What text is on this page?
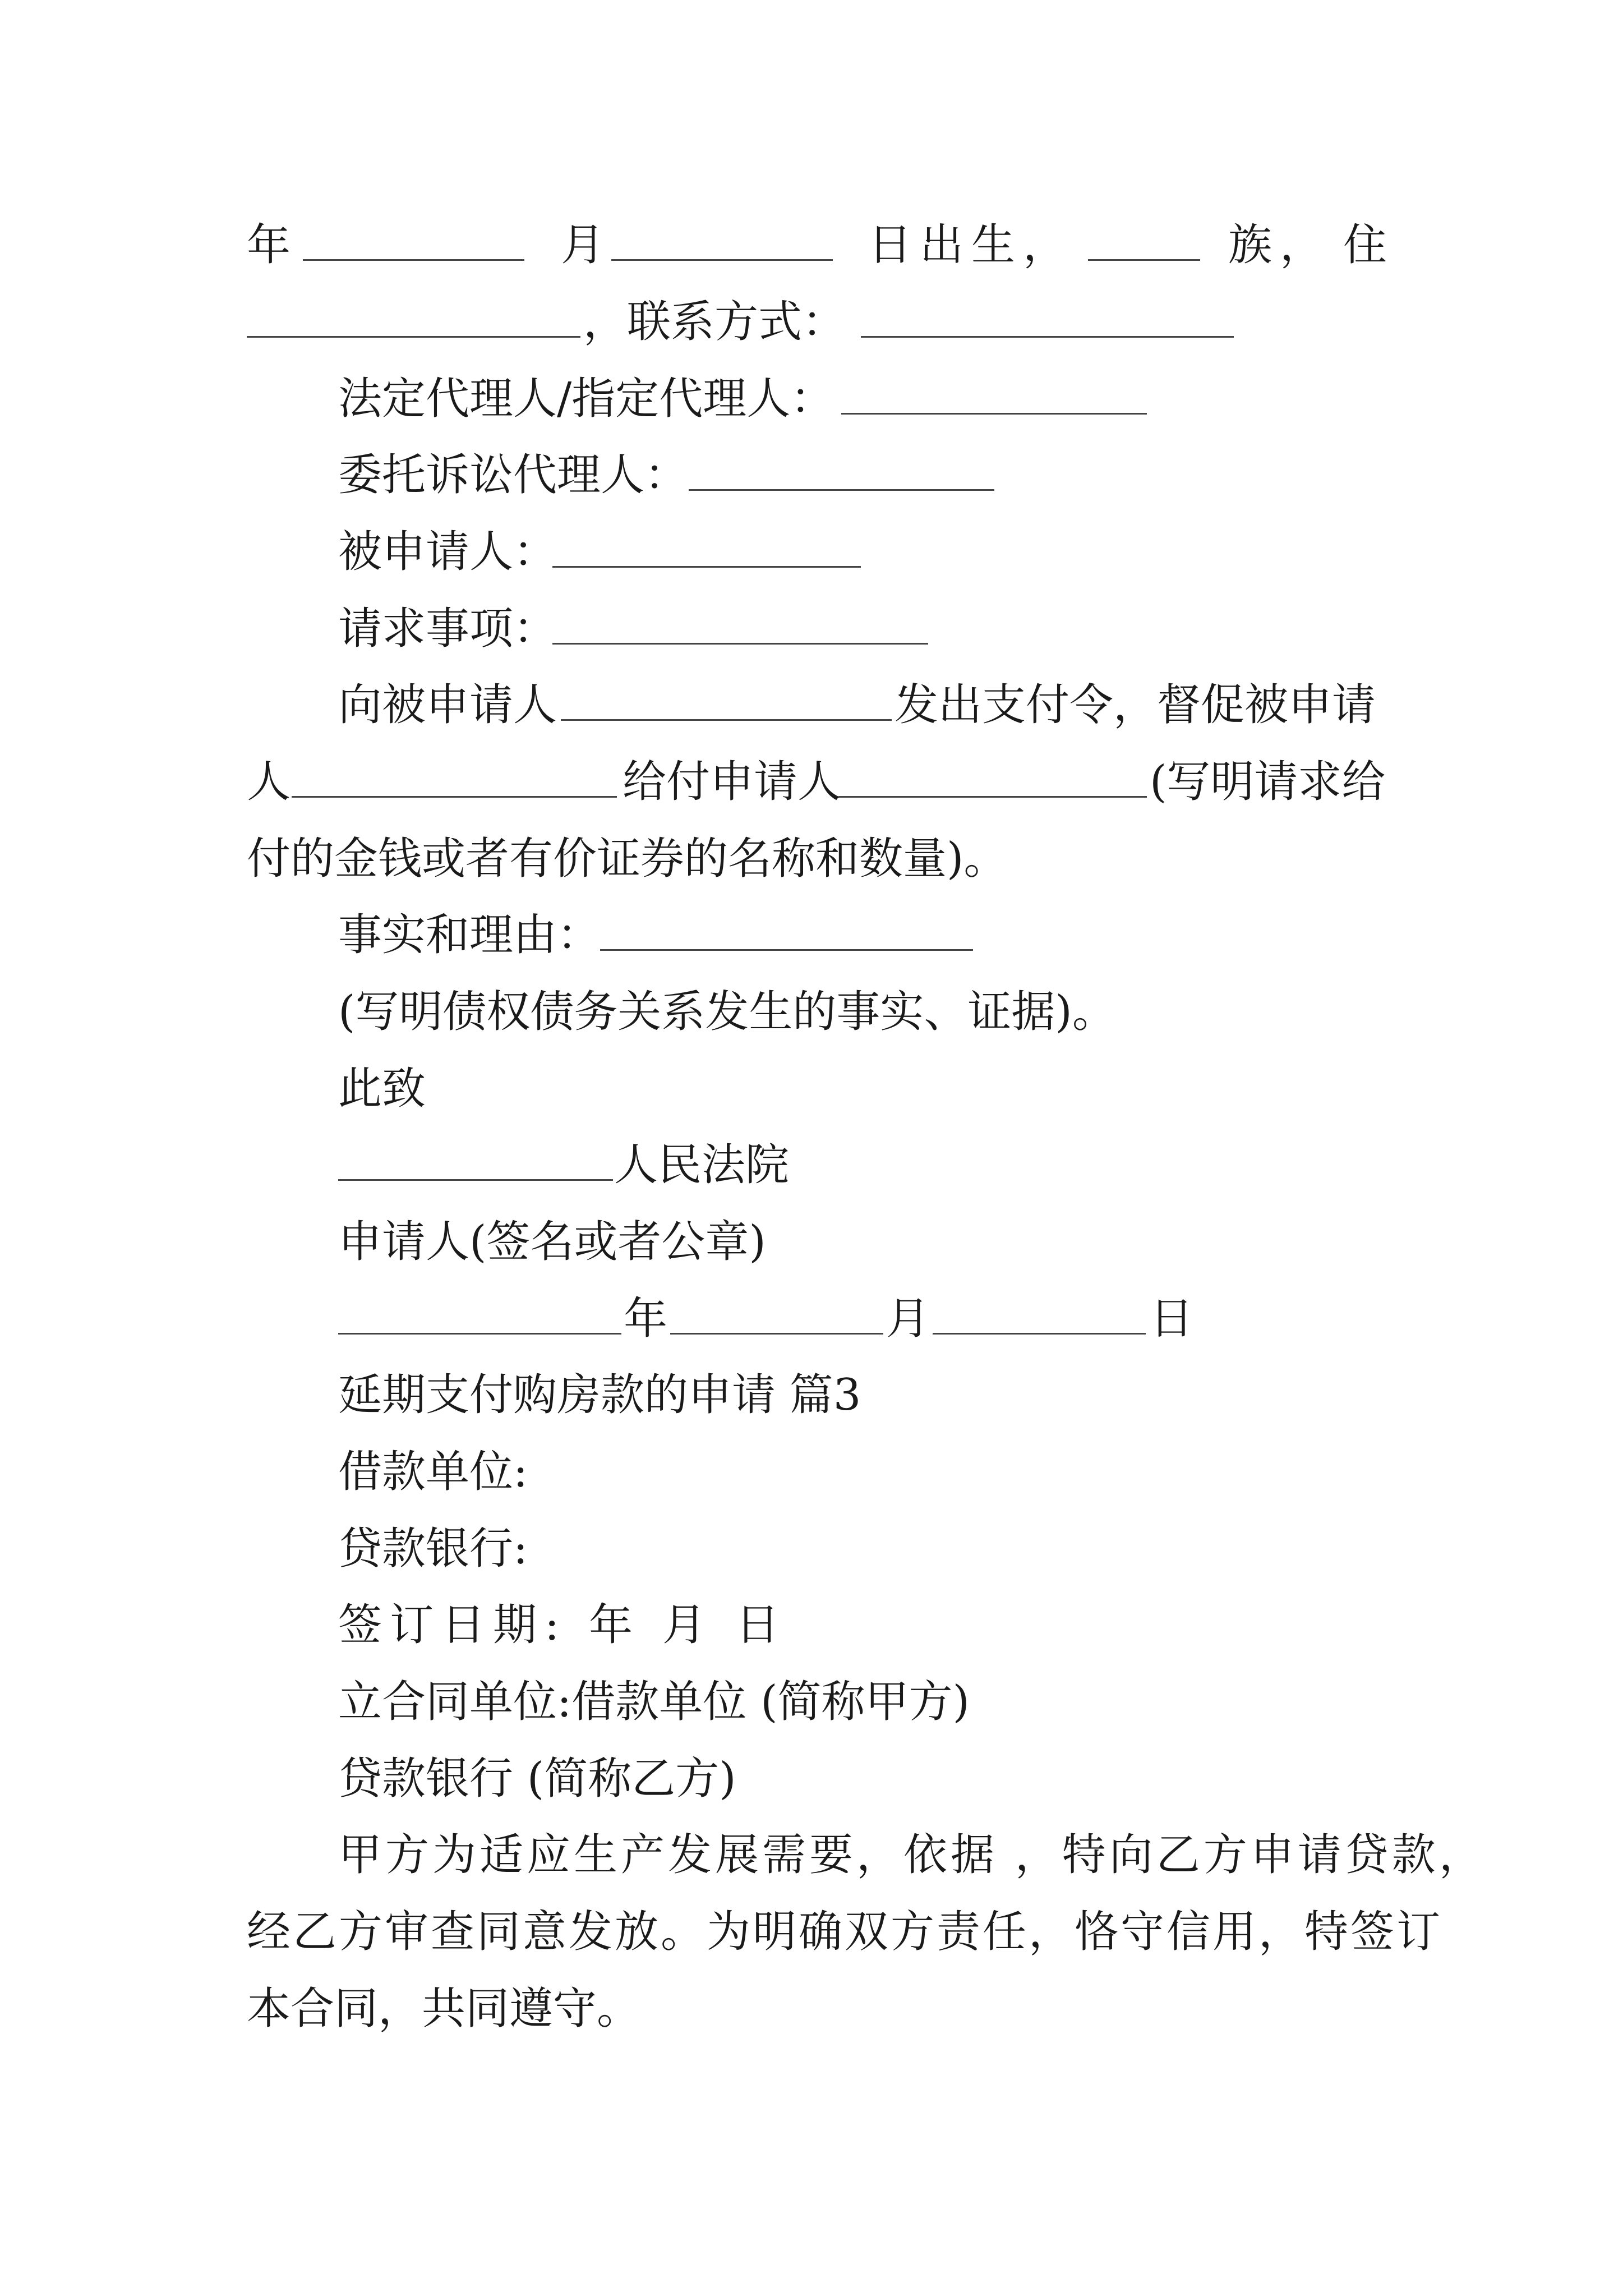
年	月	日出生，	族， 住
，联系方式：
法定代理人/指定代理人：
委托诉讼代理人：
被申请人：
请求事项：
向被申请人	发出支付令，督促被申请
人	给付申请人	(写明请求给
付的金钱或者有价证券的名称和数量)。
事实和理由：
(写明债权债务关系发生的事实、证据)。
此致
人民法院
申请人(签名或者公章)
年	月	日
延期支付购房款的申请 篇3
借款单位:
贷款银行:
签订日期: 年 月 日
立合同单位:借款单位 (简称甲方)
贷款银行 (简称乙方)
甲方为适应生产发展需要，依据 ，特向乙方申请贷款，
经乙方审查同意发放。为明确双方责任，恪守信用，特签订
本合同，共同遵守。
